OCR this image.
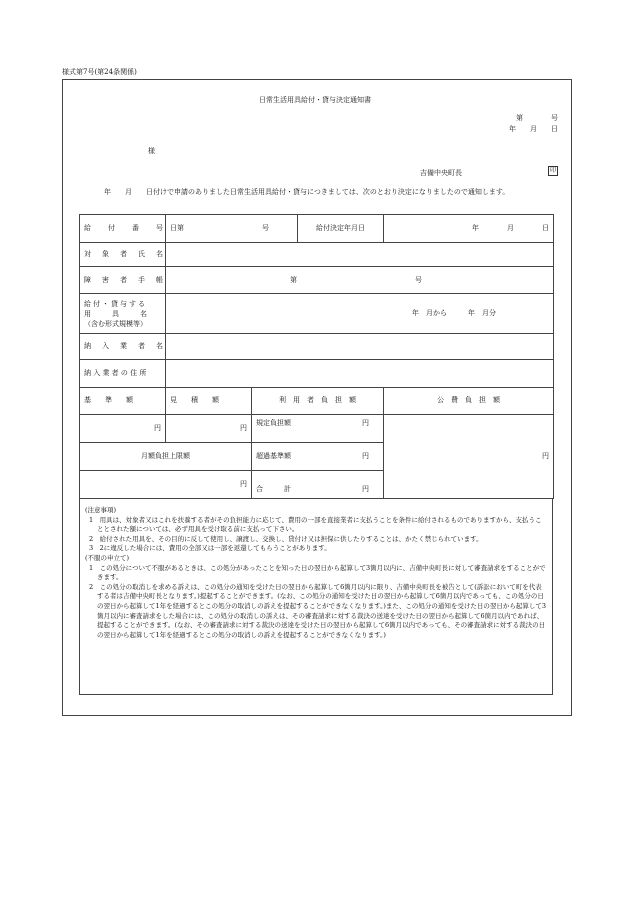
様式第7号(第24条関係)
日常生活用具給付・貸与決定通知書
第　　　　号
年　　月　　日
様
吉備中央町長	印
年　　月　　日付けで申請のありました日常生活用具給付・貸与につきましては、次のとおり決定になりましたので通知します。
給　付　番　号	日第 号		給付決定年月日	年　　　　月　　　　日
対　象　者　氏　名				
障　害　者　手　帳	第 号			

給付・貸与する
用　　　具　　　名
（含む形式規模等）	年　月から　　　年　月分			
納　入　業　者　名				
納 入 業 者 の 住 所				
基　　準　　額	見　　積　　額	利　用　者　負　担　額		公　費　負　担　額
円	円	規定負担額 円		円
月額負担上限額		超過基準額 円		

円		合　　　計 円		

(注意事項)

1　用具は、対象者又はこれを扶養する者がその負担能力に応じて、費用の一部を直接業者に支払うことを条件に給付されるものでありますから、支払うこととされた額については、必ず用具を受け取る前に支払って下さい。

2　給付された用具を、その目的に反して使用し、譲渡し、交換し、貸付け又は担保に供したりすることは、かたく禁じられています。

3　2に違反した場合には、費用の全部又は一部を返還してもらうことがあります。

(不服の申立て)

1　この処分について不服があるときは、この処分があったことを知った日の翌日から起算して3箇月以内に、吉備中央町長に対して審査請求をすることができます。

2　この処分の取消しを求める訴えは、この処分の通知を受けた日の翌日から起算して6箇月以内に限り、吉備中央町長を被告として(訴訟において町を代表する者は吉備中央町長となります。)提起することができます。(なお、この処分の通知を受けた日の翌日から起算して6箇月以内であっても、この処分の日の翌日から起算して1年を経過するとこの処分の取消しの訴えを提起することができなくなります。)また、この処分の通知を受けた日の翌日から起算して3箇月以内に審査請求をした場合には、この処分の取消しの訴えは、その審査請求に対する裁決の送達を受けた日の翌日から起算して6箇月以内であれば、提起することができます。(なお、その審査請求に対する裁決の送達を受けた日の翌日から起算して6箇月以内であっても、その審査請求に対する裁決の日の翌日から起算して1年を経過するとこの処分の取消しの訴えを提起することができなくなります。)
